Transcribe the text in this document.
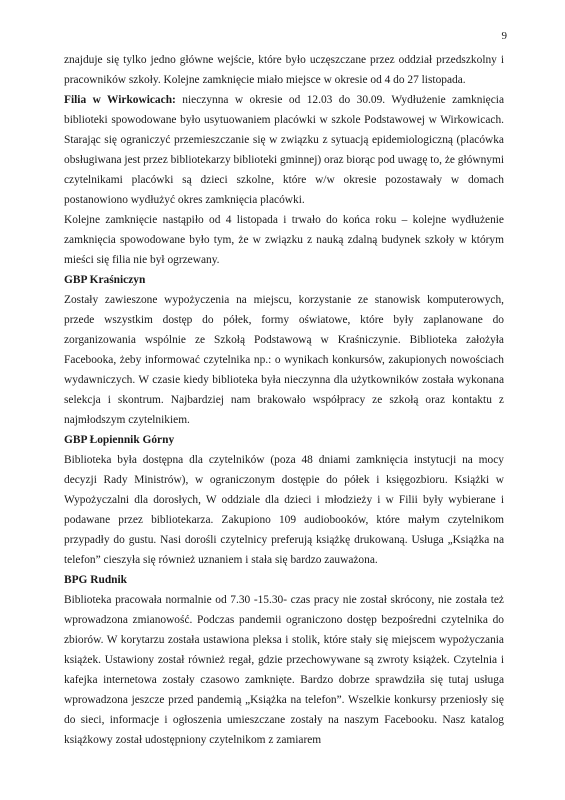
9

znajduje się tylko jedno główne wejście, które było uczęszczane przez oddział przedszkolny i pracowników szkoły. Kolejne zamknięcie miało miejsce w okresie od 4 do 27 listopada.

Filia w Wirkowicach: nieczynna w okresie od 12.03 do 30.09. Wydłużenie zamknięcia biblioteki spowodowane było usytuowaniem placówki w szkole Podstawowej w Wirkowicach. Starając się ograniczyć przemieszczanie się w związku z sytuacją epidemiologiczną (placówka obsługiwana jest przez bibliotekarzy biblioteki gminnej) oraz biorąc pod uwagę to, że głównymi czytelnikami placówki są dzieci szkolne, które w/w okresie pozostawały w domach postanowiono wydłużyć okres zamknięcia placówki.

Kolejne zamknięcie nastąpiło od 4 listopada i trwało do końca roku – kolejne wydłużenie zamknięcia spowodowane było tym, że w związku z nauką zdalną budynek szkoły w którym mieści się filia nie był ogrzewany.

GBP Kraśniczyn

Zostały zawieszone wypożyczenia na miejscu, korzystanie ze stanowisk komputerowych, przede wszystkim dostęp do półek, formy oświatowe, które były zaplanowane do zorganizowania wspólnie ze Szkołą Podstawową w Kraśniczynie. Biblioteka założyła Facebooka, żeby informować czytelnika np.: o wynikach konkursów, zakupionych nowościach wydawniczych. W czasie kiedy biblioteka była nieczynna dla użytkowników została wykonana selekcja i skontrum. Najbardziej nam brakowało współpracy ze szkołą oraz kontaktu z najmłodszym czytelnikiem.

GBP Łopiennik Górny

Biblioteka była dostępna dla czytelników (poza 48 dniami zamknięcia instytucji na mocy decyzji Rady Ministrów), w ograniczonym dostępie do półek i księgozbioru. Książki w Wypożyczalni dla dorosłych, W oddziale dla dzieci i młodzieży i w Filii były wybierane i podawane przez bibliotekarza. Zakupiono 109 audiobooków, które małym czytelnikom przypadły do gustu. Nasi dorośli czytelnicy preferują książkę drukowaną. Usługa „Książka na telefon” cieszyła się również uznaniem i stała się bardzo zauważona.

BPG Rudnik

Biblioteka pracowała normalnie od 7.30 -15.30- czas pracy nie został skrócony, nie została też wprowadzona zmianowość. Podczas pandemii ograniczono dostęp bezpośredni czytelnika do zbiorów. W korytarzu została ustawiona pleksa i stolik, które stały się miejscem wypożyczania książek. Ustawiony został również regał, gdzie przechowywane są zwroty książek. Czytelnia i kafejka internetowa zostały czasowo zamknięte. Bardzo dobrze sprawdziła się tutaj usługa wprowadzona jeszcze przed pandemią „Książka na telefon”. Wszelkie konkursy przeniosły się do sieci, informacje i ogłoszenia umieszczane zostały na naszym Facebooku. Nasz katalog książkowy został udostępniony czytelnikom z zamiarem
